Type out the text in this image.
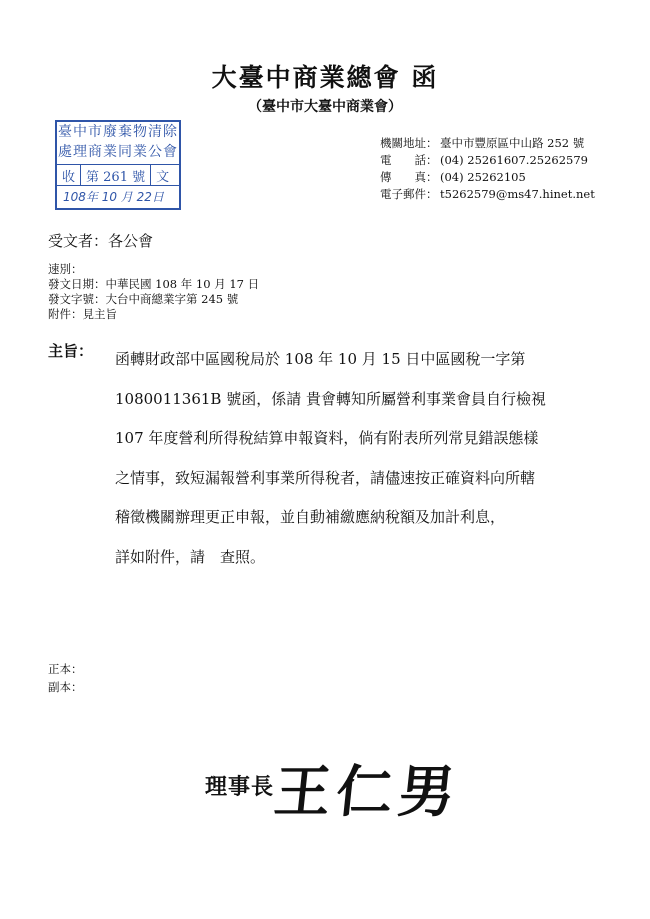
大臺中商業總會 函
（臺中市大臺中商業會）
臺中市廢棄物清除
處理商業同業公會
收 第 261 號 文
108年 10 月 22日
機關地址： 臺中市豐原區中山路 252 號
電　　話： (04) 25261607.25262579
傳　　真： (04) 25262105
電子郵件： t5262579@ms47.hinet.net
受文者：各公會
速別：
發文日期：中華民國 108 年 10 月 17 日
發文字號：大台中商總業字第 245 號
附件：見主旨
主旨： 函轉財政部中區國稅局於 108 年 10 月 15 日中區國稅一字第
1080011361B 號函，係請 貴會轉知所屬營利事業會員自行檢視
107 年度營利所得稅結算申報資料，倘有附表所列常見錯誤態樣
之情事，致短漏報營利事業所得稅者，請儘速按正確資料向所轄
稽徵機關辦理更正申報，並自動補繳應納稅額及加計利息，
詳如附件，請　查照。
正本：
副本：
理事長
王仁男
